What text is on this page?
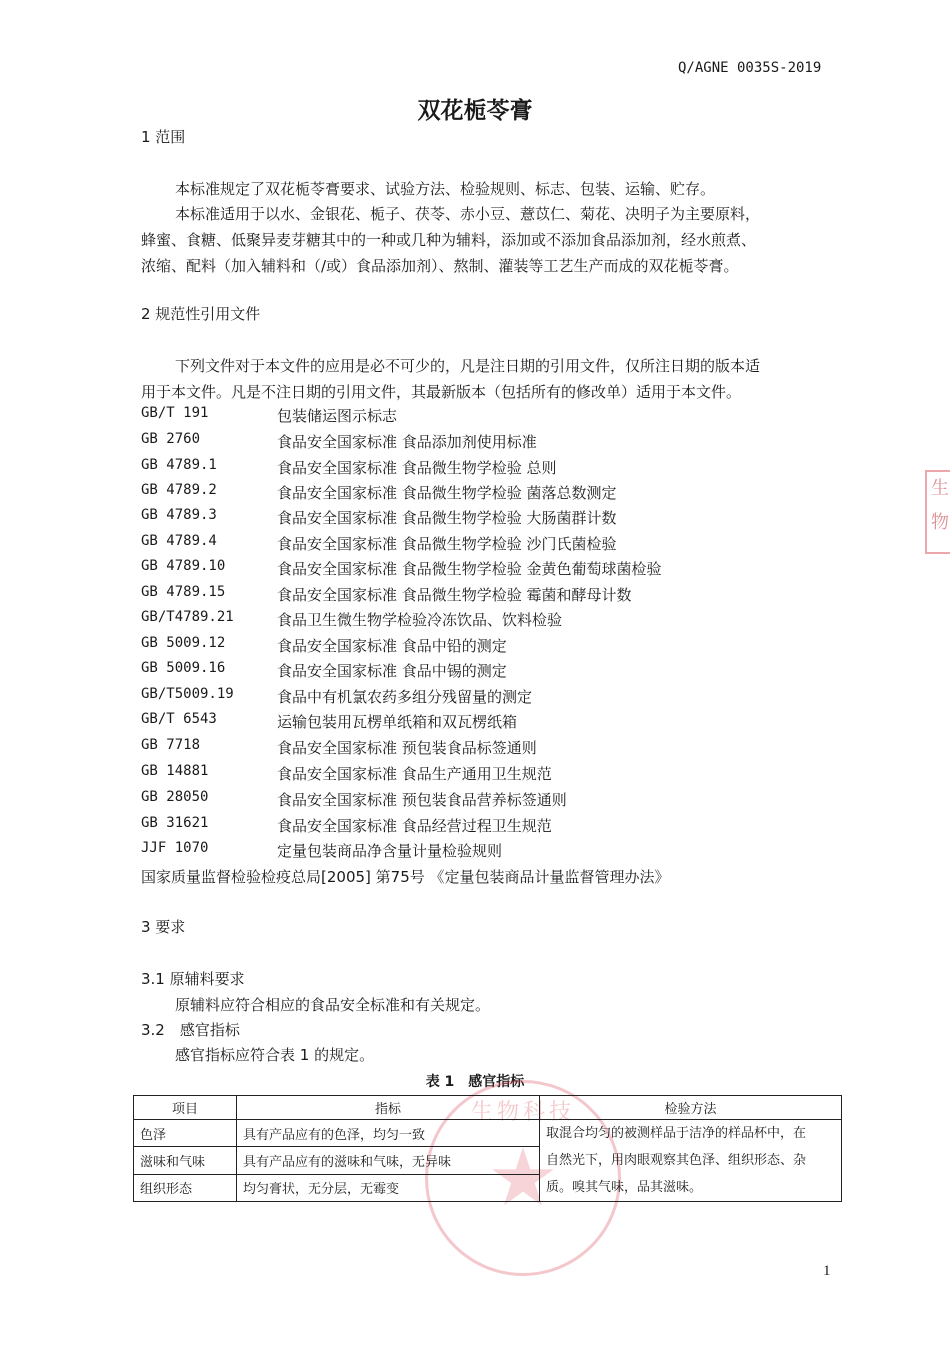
Q/AGNE 0035S-2019
双花栀苓膏
1 范围
本标准规定了双花栀苓膏要求、试验方法、检验规则、标志、包装、运输、贮存。
本标准适用于以水、金银花、栀子、茯苓、赤小豆、薏苡仁、菊花、决明子为主要原料，
蜂蜜、食糖、低聚异麦芽糖其中的一种或几种为辅料，添加或不添加食品添加剂，经水煎煮、
浓缩、配料（加入辅料和（/或）食品添加剂）、熬制、灌装等工艺生产而成的双花栀苓膏。
2 规范性引用文件
下列文件对于本文件的应用是必不可少的，凡是注日期的引用文件，仅所注日期的版本适
用于本文件。凡是不注日期的引用文件，其最新版本（包括所有的修改单）适用于本文件。
GB/T 191	包装储运图示标志
GB 2760	食品安全国家标准 食品添加剂使用标准
GB 4789.1	食品安全国家标准 食品微生物学检验 总则
GB 4789.2	食品安全国家标准 食品微生物学检验 菌落总数测定
GB 4789.3	食品安全国家标准 食品微生物学检验 大肠菌群计数
GB 4789.4	食品安全国家标准 食品微生物学检验 沙门氏菌检验
GB 4789.10	食品安全国家标准 食品微生物学检验 金黄色葡萄球菌检验
GB 4789.15	食品安全国家标准 食品微生物学检验 霉菌和酵母计数
GB/T4789.21	食品卫生微生物学检验冷冻饮品、饮料检验
GB 5009.12	食品安全国家标准 食品中铅的测定
GB 5009.16	食品安全国家标准 食品中锡的测定
GB/T5009.19	食品中有机氯农药多组分残留量的测定
GB/T 6543	运输包装用瓦楞单纸箱和双瓦楞纸箱
GB 7718	食品安全国家标准 预包装食品标签通则
GB 14881	食品安全国家标准 食品生产通用卫生规范
GB 28050	食品安全国家标准 预包装食品营养标签通则
GB 31621	食品安全国家标准 食品经营过程卫生规范
JJF 1070	定量包装商品净含量计量检验规则
国家质量监督检验检疫总局[2005] 第75号 《定量包装商品计量监督管理办法》
3 要求
3.1 原辅料要求
原辅料应符合相应的食品安全标准和有关规定。
3.2　感官指标
感官指标应符合表 1 的规定。
表 1　感官指标
生物科技
★
项目	指标	检验方法
色泽	具有产品应有的色泽，均匀一致	取混合均匀的被测样品于洁净的样品杯中，在
自然光下，用肉眼观察其色泽、组织形态、杂
质。嗅其气味，品其滋味。

滋味和气味	具有产品应有的滋味和气味，无异味	
组织形态	均匀膏状，无分层，无霉变	
生
物
1
